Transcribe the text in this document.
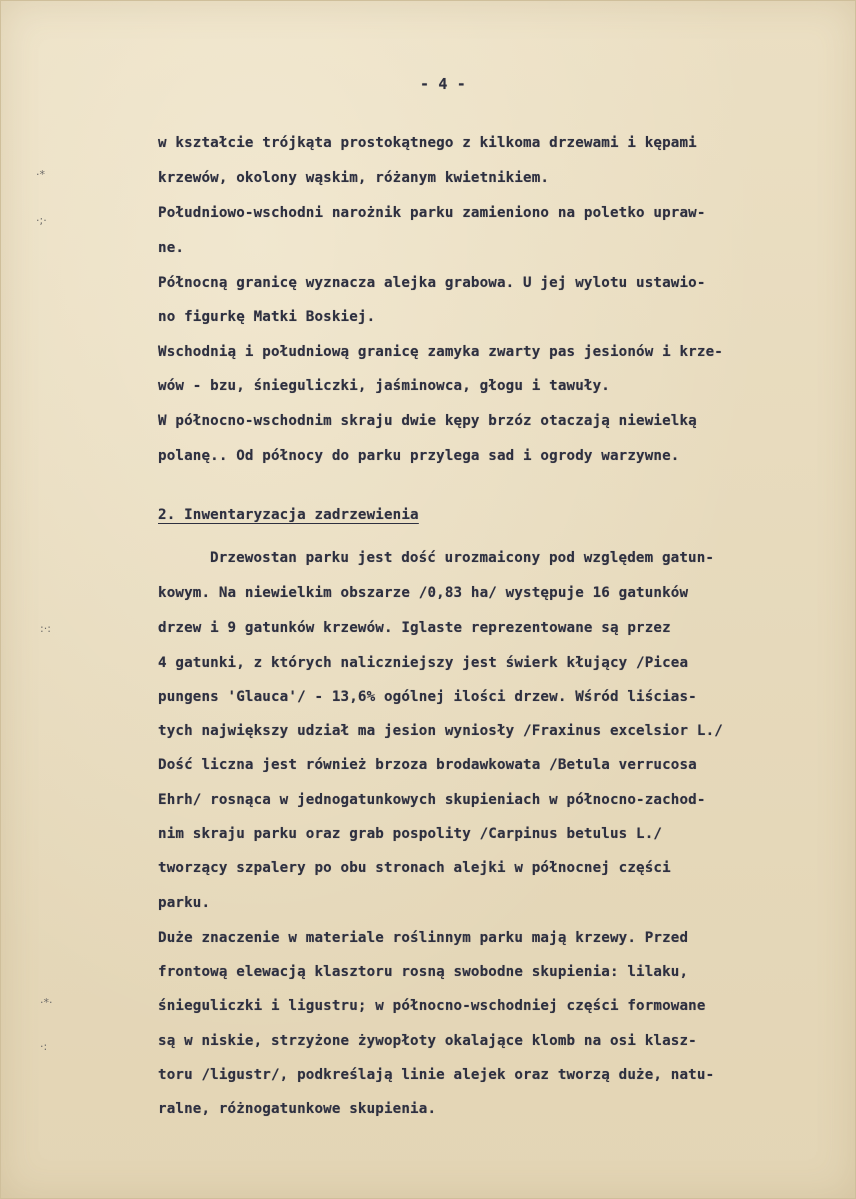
·*
·;·
:·:
·*·
·:
- 4 -
w kształcie trójkąta prostokątnego z kilkoma drzewami i kępami
krzewów, okolony wąskim, różanym kwietnikiem.
Południowo-wschodni narożnik parku zamieniono na poletko upraw-
ne.
Północną granicę wyznacza alejka grabowa. U jej wylotu ustawio-
no figurkę Matki Boskiej.
Wschodnią i południową granicę zamyka zwarty pas jesionów i krze-
wów - bzu, śnieguliczki, jaśminowca, głogu i tawuły.
W północno-wschodnim skraju dwie kępy brzóz otaczają niewielką
polanę.. Od północy do parku przylega sad i ogrody warzywne.
2. Inwentaryzacja zadrzewienia
Drzewostan parku jest dość urozmaicony pod względem gatun-
kowym. Na niewielkim obszarze /0,83 ha/ występuje 16 gatunków
drzew i 9 gatunków krzewów. Iglaste reprezentowane są przez
4 gatunki, z których naliczniejszy jest świerk kłujący /Picea
pungens 'Glauca'/ - 13,6% ogólnej ilości drzew. Wśród liścias-
tych największy udział ma jesion wyniosły /Fraxinus excelsior L./
Dość liczna jest również brzoza brodawkowata /Betula verrucosa
Ehrh/ rosnąca w jednogatunkowych skupieniach w północno-zachod-
nim skraju parku oraz grab pospolity /Carpinus betulus L./
tworzący szpalery po obu stronach alejki w północnej części
parku.
Duże znaczenie w materiale roślinnym parku mają krzewy. Przed
frontową elewacją klasztoru rosną swobodne skupienia: lilaku,
śnieguliczki i ligustru; w północno-wschodniej części formowane
są w niskie, strzyżone żywopłoty okalające klomb na osi klasz-
toru /ligustr/, podkreślają linie alejek oraz tworzą duże, natu-
ralne, różnogatunkowe skupienia.
